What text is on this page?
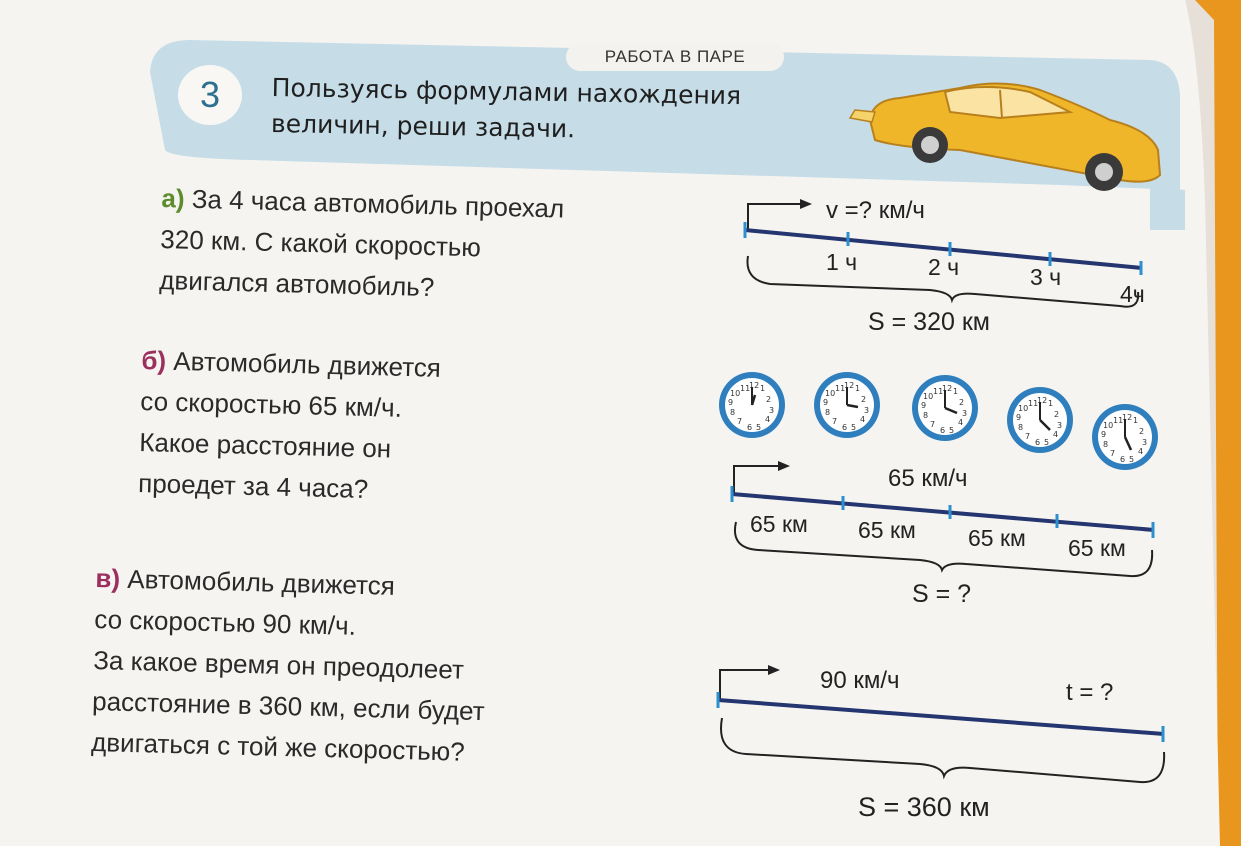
РАБОТА В ПАРЕ
3	Пользуясь формулами нахождения
величин, реши задачи.
а) За 4 часа автомобиль проехал
320 км. С какой скоростью
двигался автомобиль?
б) Автомобиль движется
со скоростью 65 км/ч.
Какое расстояние он
проедет за 4 часа?
в) Автомобиль движется
со скоростью 90 км/ч.
За какое время он преодолеет
расстояние в 360 км, если будет
двигаться с той же скоростью?
v =? км/ч
1 ч	2 ч	3 ч
4ч
S = 320 км
11
12 1
2
3
4
5
6
7
8
9
10
11
12 1
2
3
4
5
6
7
8
9
10	11
12 1
2
3
4
5
6
7
8
9
10
11
12 1
2
3
4
5
6
7
8
9
10
11
12 1
2
3
4
5
6
7
8
9
10
65 км/ч
65 км 65 км 65 км 65 км
S = ?
90 км/ч	t = ?
S = 360 км
